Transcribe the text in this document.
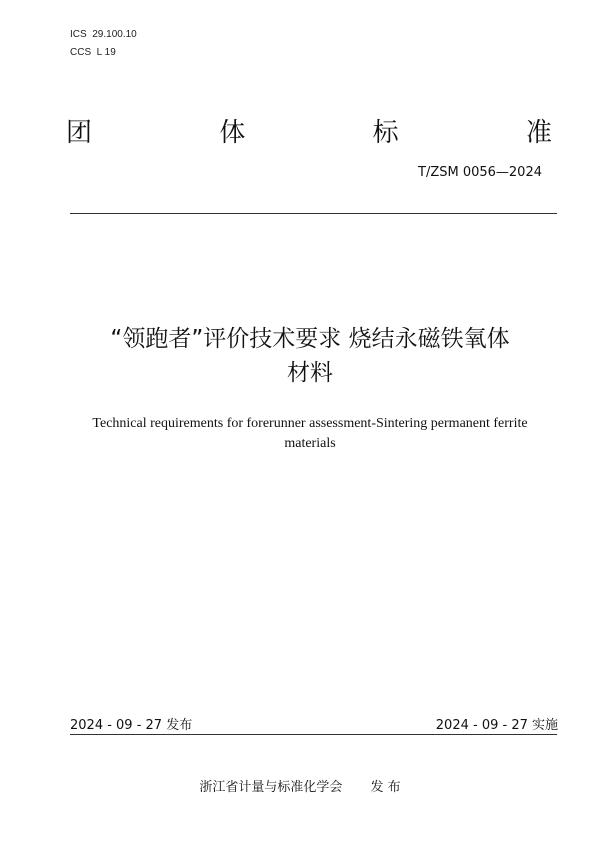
ICS  29.100.10
CCS  L 19
团	体	标	准
T/ZSM 0056—2024
“领跑者”评价技术要求 烧结永磁铁氧体
材料
Technical requirements for forerunner assessment-Sintering permanent ferrite
materials
2024 - 09 - 27 发布	2024 - 09 - 27 实施
浙江省计量与标准化学会 发 布
